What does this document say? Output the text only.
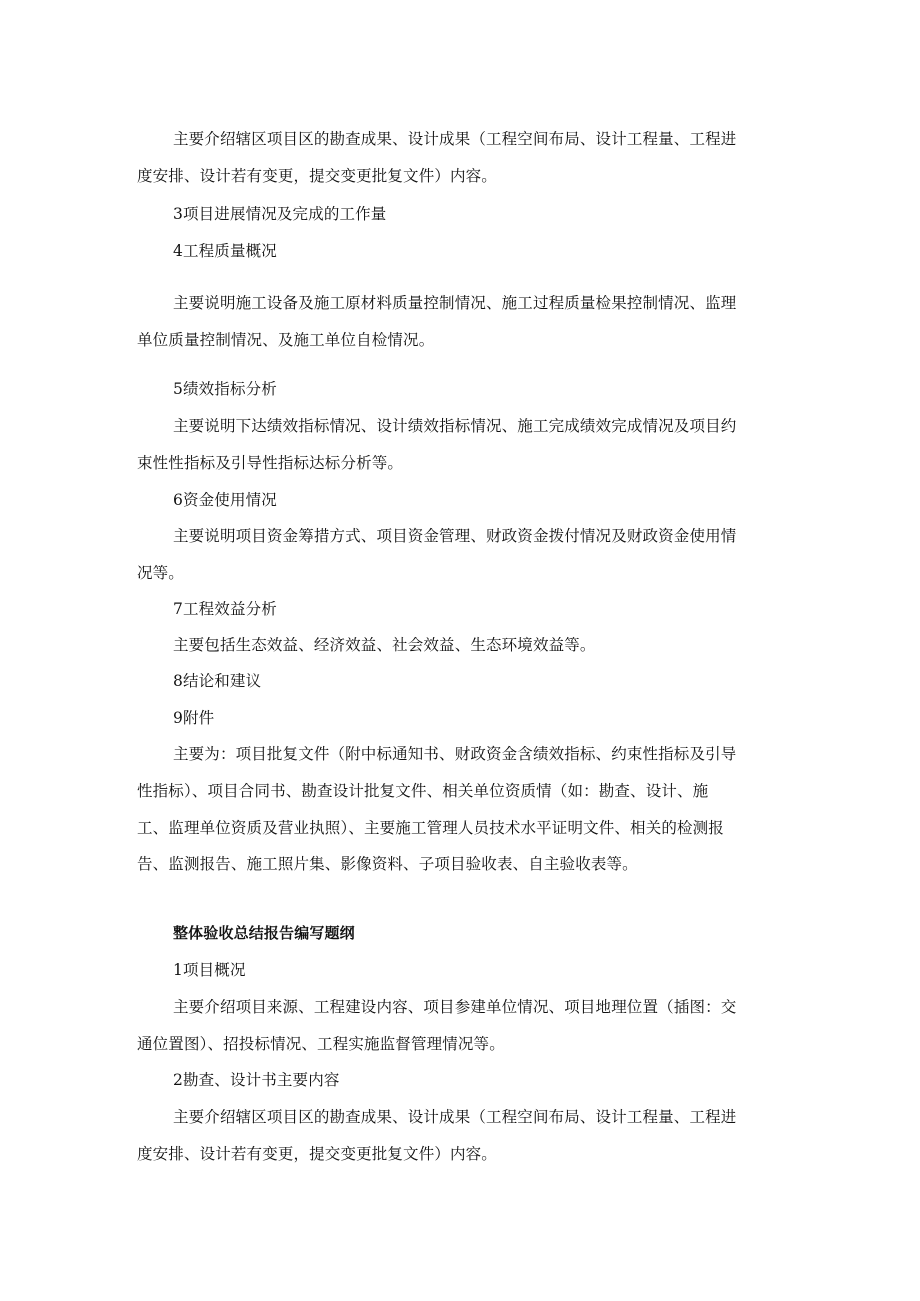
主要介绍辖区项目区的勘查成果、设计成果（工程空间布局、设计工程量、工程进

度安排、设计若有变更，提交变更批复文件）内容。

3项目进展情况及完成的工作量

4工程质量概况

主要说明施工设备及施工原材料质量控制情况、施工过程质量检果控制情况、监理

单位质量控制情况、及施工单位自检情况。

5绩效指标分析

主要说明下达绩效指标情况、设计绩效指标情况、施工完成绩效完成情况及项目约

束性性指标及引导性指标达标分析等。

6资金使用情况

主要说明项目资金筹措方式、项目资金管理、财政资金拨付情况及财政资金使用情

况等。

7工程效益分析

主要包括生态效益、经济效益、社会效益、生态环境效益等。

8结论和建议

9附件

主要为：项目批复文件（附中标通知书、财政资金含绩效指标、约束性指标及引导

性指标）、项目合同书、勘查设计批复文件、相关单位资质情（如：勘查、设计、施

工、监理单位资质及营业执照）、主要施工管理人员技术水平证明文件、相关的检测报

告、监测报告、施工照片集、影像资料、子项目验收表、自主验收表等。

整体验收总结报告编写题纲

1项目概况

主要介绍项目来源、工程建设内容、项目参建单位情况、项目地理位置（插图：交

通位置图）、招投标情况、工程实施监督管理情况等。

2勘查、设计书主要内容

主要介绍辖区项目区的勘查成果、设计成果（工程空间布局、设计工程量、工程进

度安排、设计若有变更，提交变更批复文件）内容。
